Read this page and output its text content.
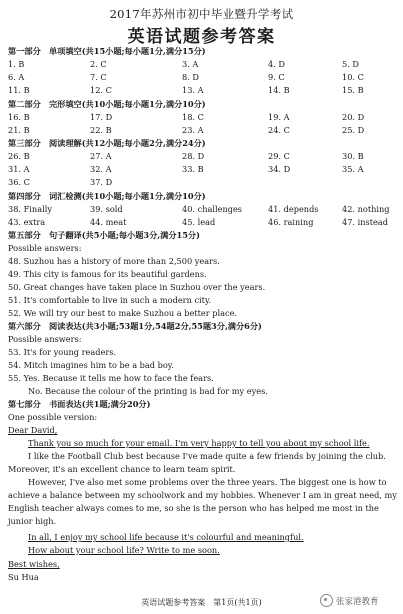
2017年苏州市初中毕业暨升学考试
英语试题参考答案
第一部分　单项填空(共15小题;每小题1分,满分15分)
1. B	2. C	3. A	4. D	5. D
6. A	7. C	8. D	9. C	10. C
11. B	12. C	13. A	14. B	15. B
第二部分　完形填空(共10小题;每小题1分,满分10分)
16. B	17. D	18. C	19. A	20. D
21. B	22. B	23. A	24. C	25. D
第三部分　阅读理解(共12小题;每小题2分,满分24分)
26. B	27. A	28. D	29. C	30. B
31. A	32. A	33. B	34. D	35. A
36. C	37. D
第四部分　词汇检测(共10小题;每小题1分,满分10分)
38. Finally	39. sold	40. challenges	41. depends	42. nothing
43. extra	44. meat	45. lead	46. raining	47. instead
第五部分　句子翻译(共5小题;每小题3分,满分15分)
Possible answers:
48. Suzhou has a history of more than 2,500 years.
49. This city is famous for its beautiful gardens.
50. Great changes have taken place in Suzhou over the years.
51. It's comfortable to live in such a modern city.
52. We will try our best to make Suzhou a better place.
第六部分　阅读表达(共3小题;53题1分,54题2分,55题3分,满分6分)
Possible answers:
53. It's for young readers.
54. Mitch imagines him to be a bad boy.
55. Yes. Because it tells me how to face the fears.
No. Because the colour of the printing is bad for my eyes.
第七部分　书面表达(共1题;满分20分)
One possible version:
Dear David,
Thank you so much for your email. I'm very happy to tell you about my school life.
I like the Football Club best because I've made quite a few friends by joining the club.
Moreover, it's an excellent chance to learn team spirit.
However, I've also met some problems over the three years. The biggest one is how to
achieve a balance between my schoolwork and my hobbies. Whenever I am in great need, my
English teacher always comes to me, so she is the person who has helped me most in the
junior high.
In all, I enjoy my school life because it's colourful and meaningful.
How about your school life? Write to me soon.
Best wishes,
Su Hua
英语试题参考答案　第1页(共1页)	张家港教育
